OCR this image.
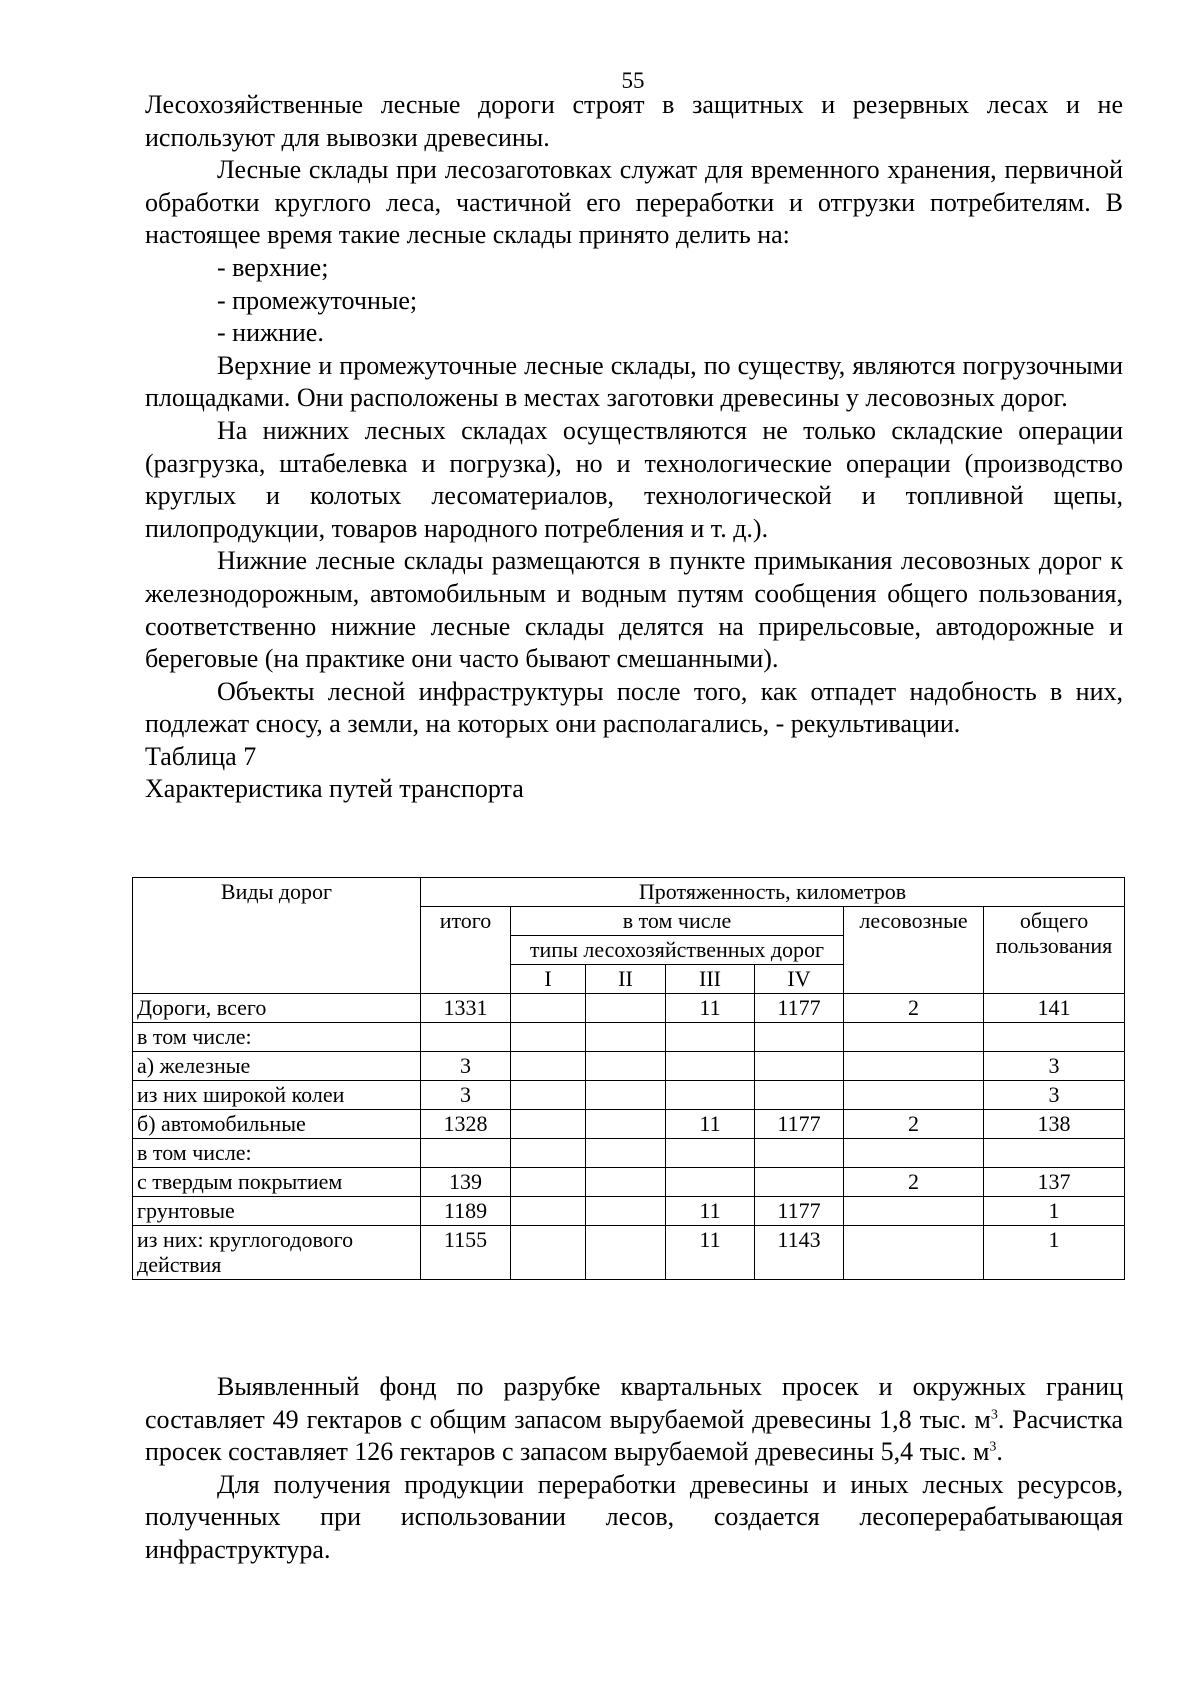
55

Лесохозяйственные лесные дороги строят в защитных и резервных лесах и не используют для вывозки древесины.

Лесные склады при лесозаготовках служат для временного хранения, первичной обработки круглого леса, частичной его переработки и отгрузки потребителям. В настоящее время такие лесные склады принято делить на:

- верхние;

- промежуточные;

- нижние.

Верхние и промежуточные лесные склады, по существу, являются погрузочными площадками. Они расположены в местах заготовки древесины у лесовозных дорог.

На нижних лесных складах осуществляются не только складские операции (разгрузка, штабелевка и погрузка), но и технологические операции (производство круглых и колотых лесоматериалов, технологической и топливной щепы, пилопродукции, товаров народного потребления и т. д.).

Нижние лесные склады размещаются в пункте примыкания лесовозных дорог к железнодорожным, автомобильным и водным путям сообщения общего пользования, соответственно нижние лесные склады делятся на прирельсовые, автодорожные и береговые (на практике они часто бывают смешанными).

Объекты лесной инфраструктуры после того, как отпадет надобность в них, подлежат сносу, а земли, на которых они располагались, - рекультивации.

Таблица 7

Характеристика путей транспорта

Виды дорог	Протяженность, километров						
	итого	в том числе				лесовозные	общего пользования
		типы лесохозяйственных дорог					
		I	II	III	IV		
Дороги, всего	1331			11	1177	2	141
в том числе:							
а) железные	3						3
из них широкой колеи	3						3
б) автомобильные	1328			11	1177	2	138
в том числе:							
с твердым покрытием	139					2	137
грунтовые	1189			11	1177		1
из них: круглогодового действия	1155			11	1143		1

Выявленный фонд по разрубке квартальных просек и окружных границ составляет 49 гектаров с общим запасом вырубаемой древесины 1,8 тыс. $м^3$. Расчистка просек составляет 126 гектаров с запасом вырубаемой древесины 5,4 тыс. $м^3$.

Для получения продукции переработки древесины и иных лесных ресурсов, полученных при использовании лесов, создается лесоперерабатывающая инфраструктура.
